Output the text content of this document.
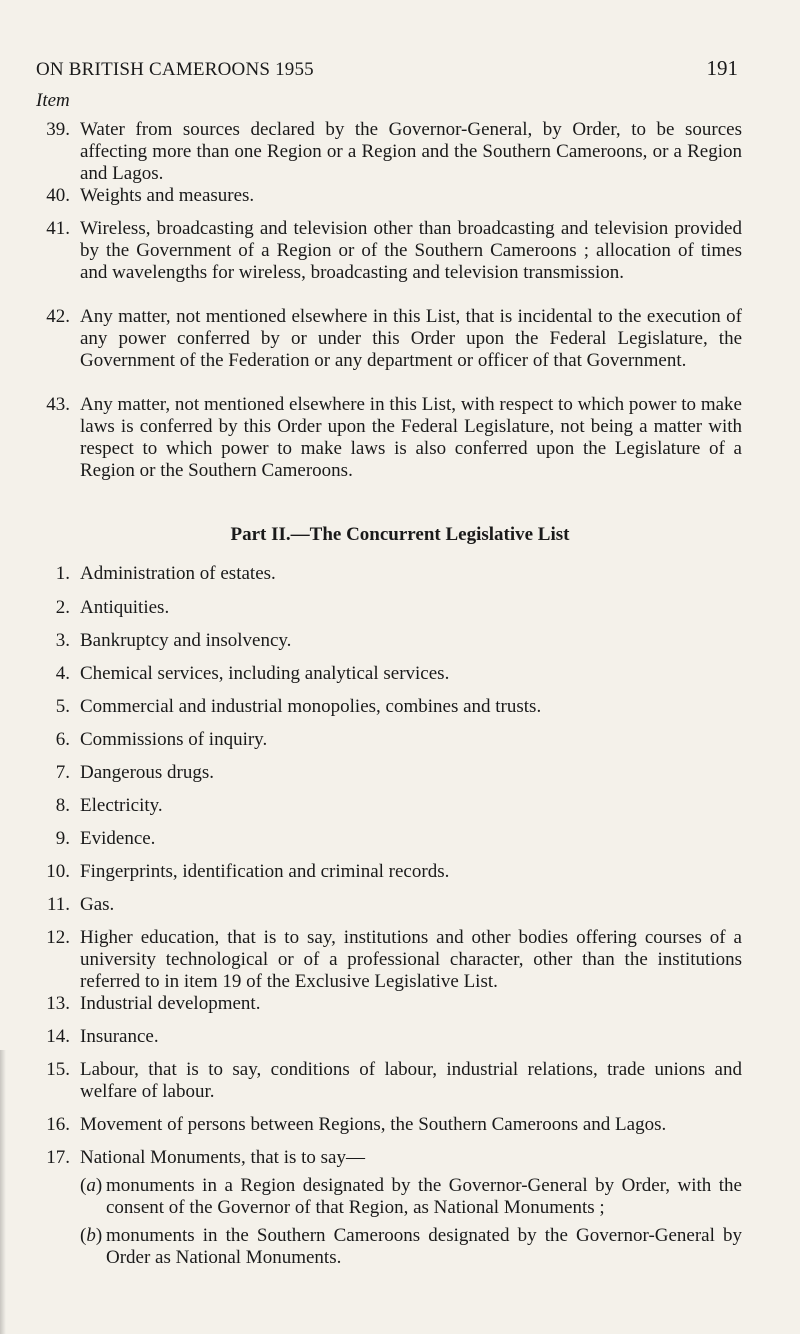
ON BRITISH CAMEROONS 1955	191
Item
39. Water from sources declared by the Governor-General, by Order, to be sources affecting more than one Region or a Region and the Southern Cameroons, or a Region and Lagos.
40. Weights and measures.
41. Wireless, broadcasting and television other than broadcasting and television provided by the Government of a Region or of the Southern Cameroons ; allocation of times and wavelengths for wireless, broadcasting and television transmission.
42. Any matter, not mentioned elsewhere in this List, that is incidental to the execution of any power conferred by or under this Order upon the Federal Legislature, the Government of the Federation or any department or officer of that Government.
43. Any matter, not mentioned elsewhere in this List, with respect to which power to make laws is conferred by this Order upon the Federal Legislature, not being a matter with respect to which power to make laws is also conferred upon the Legislature of a Region or the Southern Cameroons.
Part II.—The Concurrent Legislative List
1. Administration of estates.
2. Antiquities.
3. Bankruptcy and insolvency.
4. Chemical services, including analytical services.
5. Commercial and industrial monopolies, combines and trusts.
6. Commissions of inquiry.
7. Dangerous drugs.
8. Electricity.
9. Evidence.
10. Fingerprints, identification and criminal records.
11. Gas.
12. Higher education, that is to say, institutions and other bodies offering courses of a university technological or of a professional character, other than the institutions referred to in item 19 of the Exclusive Legislative List.
13. Industrial development.
14. Insurance.
15. Labour, that is to say, conditions of labour, industrial relations, trade unions and welfare of labour.
16. Movement of persons between Regions, the Southern Cameroons and Lagos.
17. National Monuments, that is to say—
(a) monuments in a Region designated by the Governor-General by Order, with the consent of the Governor of that Region, as National Monuments ;
(b) monuments in the Southern Cameroons designated by the Governor-General by Order as National Monuments.
